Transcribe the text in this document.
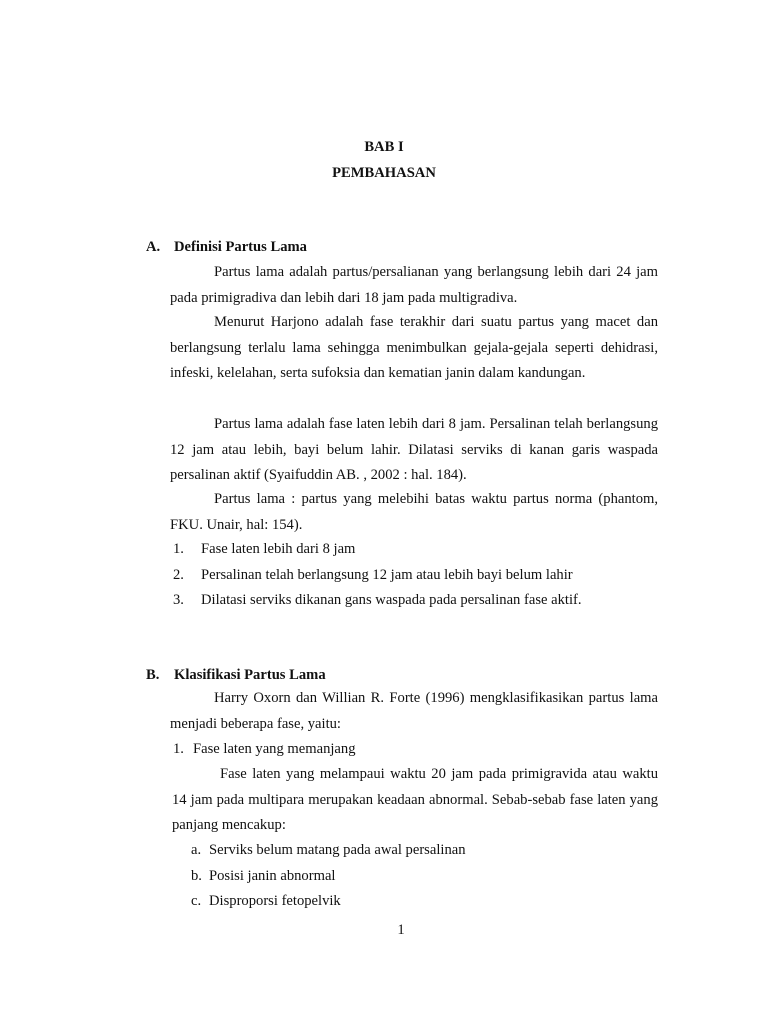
BAB I
PEMBAHASAN
A. Definisi Partus Lama

Partus lama adalah partus/persalianan yang berlangsung lebih dari 24 jam pada primigradiva dan lebih dari 18 jam pada multigradiva.

Menurut Harjono adalah fase terakhir dari suatu partus yang macet dan berlangsung terlalu lama sehingga menimbulkan gejala-gejala seperti dehidrasi, infeski, kelelahan, serta sufoksia dan kematian janin dalam kandungan.

Partus lama adalah fase laten lebih dari 8 jam. Persalinan telah berlangsung 12 jam atau lebih, bayi belum lahir. Dilatasi serviks di kanan garis waspada persalinan aktif (Syaifuddin AB. , 2002 : hal. 184).

Partus lama : partus yang melebihi batas waktu partus norma (phantom, FKU. Unair, hal: 154).

1. Fase laten lebih dari 8 jam
2. Persalinan telah berlangsung 12 jam atau lebih bayi belum lahir
3. Dilatasi serviks dikanan gans waspada pada persalinan fase aktif.
B. Klasifikasi Partus Lama

Harry Oxorn dan Willian R. Forte (1996) mengklasifikasikan partus lama menjadi beberapa fase, yaitu:

1. Fase laten yang memanjang

Fase laten yang melampaui waktu 20 jam pada primigravida atau waktu 14 jam pada multipara merupakan keadaan abnormal. Sebab-sebab fase laten yang panjang mencakup:

a. Serviks belum matang pada awal persalinan
b. Posisi janin abnormal
c. Disproporsi fetopelvik
1
